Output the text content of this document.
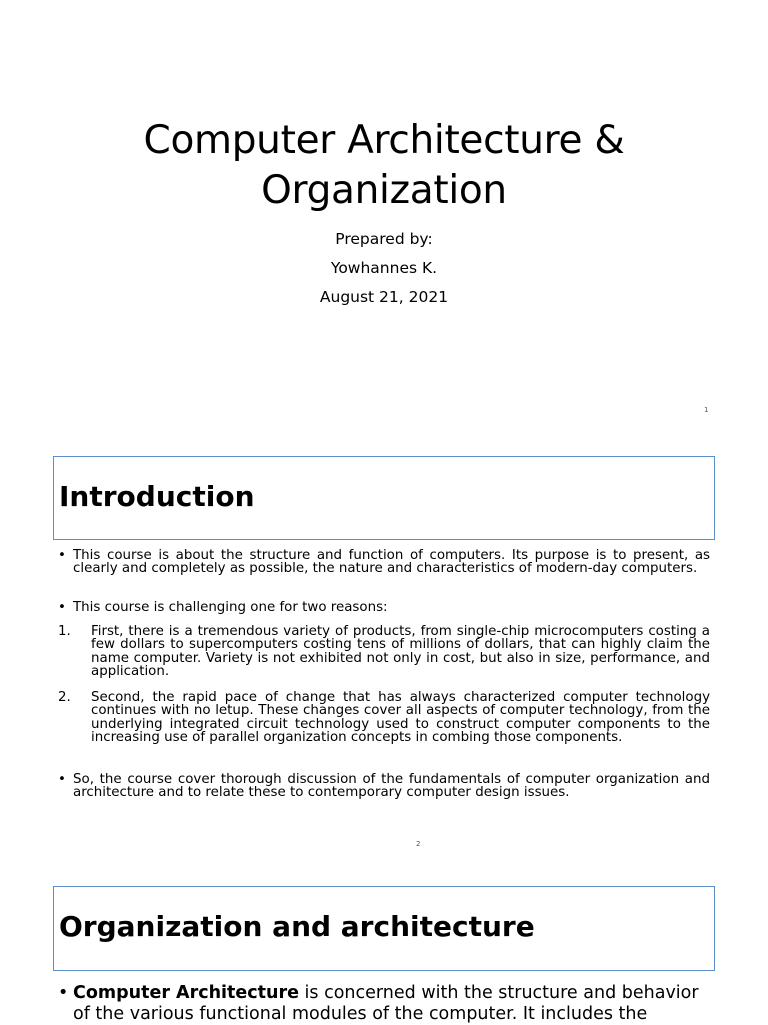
Computer Architecture &
Organization
Prepared by:
Yowhannes K.
August 21, 2021
1
Introduction
• This course is about the structure and function of computers. Its purpose is to present, as clearly and completely as possible, the nature and characteristics of modern-day computers.
• This course is challenging one for two reasons:
1. First, there is a tremendous variety of products, from single-chip microcomputers costing a few dollars to supercomputers costing tens of millions of dollars, that can highly claim the name computer. Variety is not exhibited not only in cost, but also in size, performance, and application.
2. Second, the rapid pace of change that has always characterized computer technology continues with no letup. These changes cover all aspects of computer technology, from the underlying integrated circuit technology used to construct computer components to the increasing use of parallel organization concepts in combing those components.
• So, the course cover thorough discussion of the fundamentals of computer organization and architecture and to relate these to contemporary computer design issues.
2
Organization and architecture
• Computer Architecture is concerned with the structure and behavior of the various functional modules of the computer. It includes the
